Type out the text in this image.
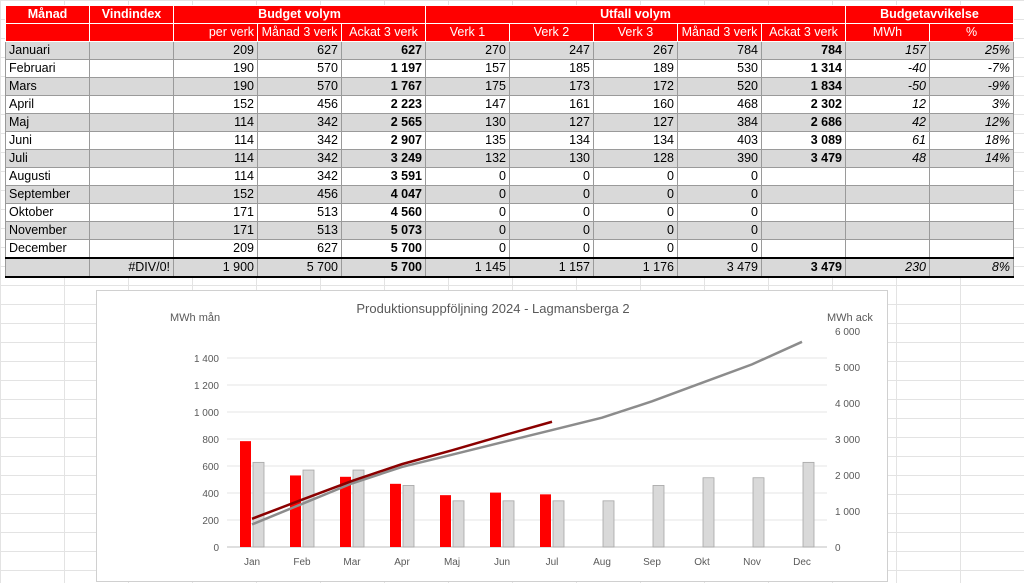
Månad	Vindindex	Budget volym			Utfall volym					Budgetavvikelse	
		per verk	Månad 3 verk	Ackat 3 verk	Verk 1	Verk 2	Verk 3	Månad 3 verk	Ackat 3 verk	MWh	%
Januari		209	627	627	270	247	267	784	784	157	25%
Februari		190	570	1 197	157	185	189	530	1 314	-40	-7%
Mars		190	570	1 767	175	173	172	520	1 834	-50	-9%
April		152	456	2 223	147	161	160	468	2 302	12	3%
Maj		114	342	2 565	130	127	127	384	2 686	42	12%
Juni		114	342	2 907	135	134	134	403	3 089	61	18%
Juli		114	342	3 249	132	130	128	390	3 479	48	14%
Augusti		114	342	3 591	0	0	0	0			
September		152	456	4 047	0	0	0	0			
Oktober		171	513	4 560	0	0	0	0			
November		171	513	5 073	0	0	0	0			
December		209	627	5 700	0	0	0	0			
	#DIV/0!	1 900	5 700	5 700	1 145	1 157	1 176	3 479	3 479	230	8%
Produktionsuppföljning 2024 - Lagmansberga 2
MWh mån	MWh ack
0
200
400
600
800
1 000
1 200
1 400
0
1 000
2 000
3 000
4 000
5 000
6 000
Jan	Feb	Mar	Apr	Maj	Jun	Jul	Aug	Sep	Okt	Nov	Dec
